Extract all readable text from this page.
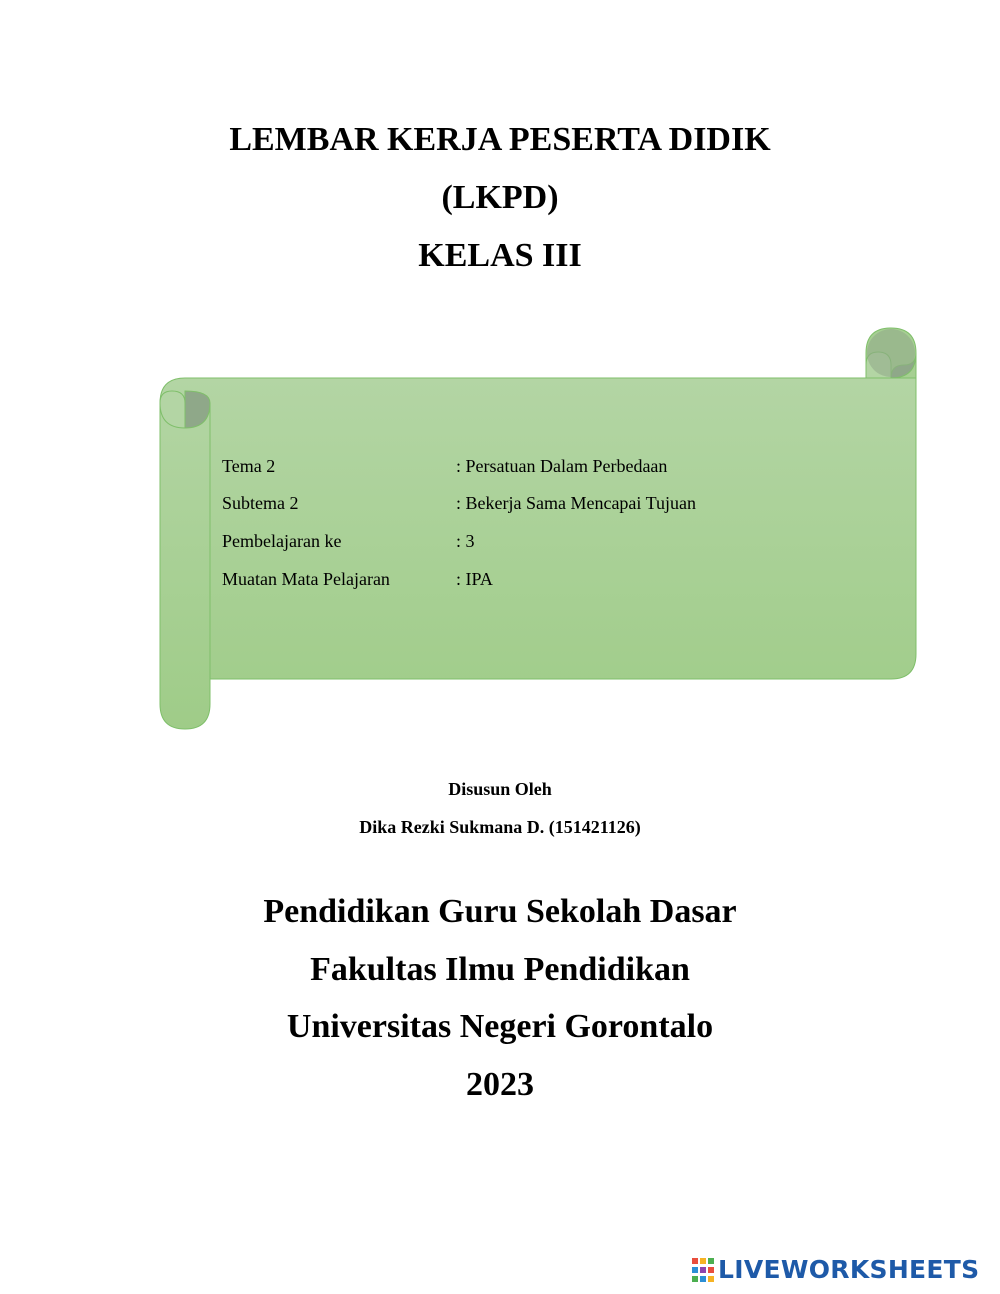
LEMBAR KERJA PESERTA DIDIK
(LKPD)
KELAS III
Tema 2	: Persatuan Dalam Perbedaan
Subtema 2	: Bekerja Sama Mencapai Tujuan
Pembelajaran ke	: 3
Muatan Mata Pelajaran	: IPA
Disusun Oleh
Dika Rezki Sukmana D. (151421126)
Pendidikan Guru Sekolah Dasar
Fakultas Ilmu Pendidikan
Universitas Negeri Gorontalo
2023
LIVEWORKSHEETS
